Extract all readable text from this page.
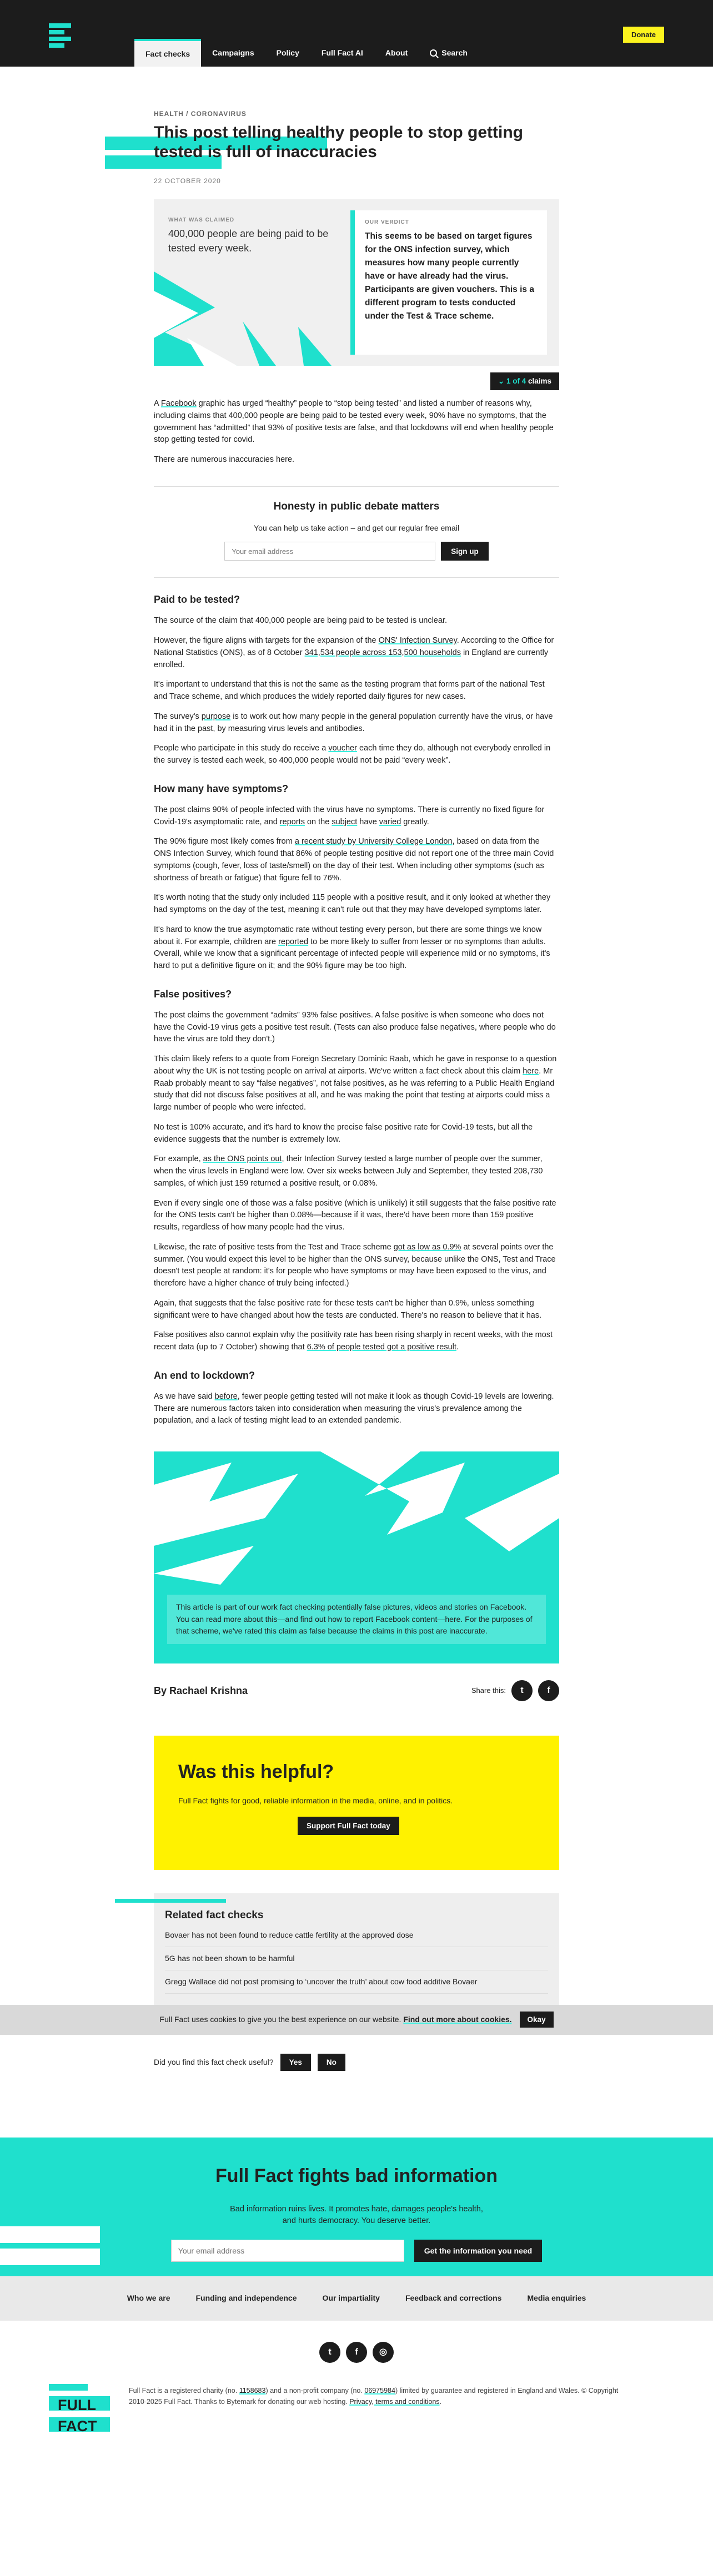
Fact checks	Campaigns	Policy	Full Fact AI	About	Search
Donate
HEALTH / CORONAVIRUS
This post telling healthy people to stop getting tested is full of inaccuracies
22 OCTOBER 2020
WHAT WAS CLAIMED
400,000 people are being paid to be tested every week.
OUR VERDICT
This seems to be based on target figures for the ONS infection survey, which measures how many people currently have or have already had the virus. Participants are given vouchers. This is a different program to tests conducted under the Test & Trace scheme.
⌄ 1 of 4 claims

A Facebook graphic has urged “healthy” people to “stop being tested” and listed a number of reasons why, including claims that 400,000 people are being paid to be tested every week, 90% have no symptoms, that the government has “admitted” that 93% of positive tests are false, and that lockdowns will end when healthy people stop getting tested for covid.

There are numerous inaccuracies here.

Honesty in public debate matters

You can help us take action – and get our regular free email

Your email address
Sign up
Paid to be tested?

The source of the claim that 400,000 people are being paid to be tested is unclear.

However, the figure aligns with targets for the expansion of the ONS' Infection Survey. According to the Office for National Statistics (ONS), as of 8 October 341,534 people across 153,500 households in England are currently enrolled.

It's important to understand that this is not the same as the testing program that forms part of the national Test and Trace scheme, and which produces the widely reported daily figures for new cases.

The survey's purpose is to work out how many people in the general population currently have the virus, or have had it in the past, by measuring virus levels and antibodies.

People who participate in this study do receive a voucher each time they do, although not everybody enrolled in the survey is tested each week, so 400,000 people would not be paid “every week”.

How many have symptoms?

The post claims 90% of people infected with the virus have no symptoms. There is currently no fixed figure for Covid-19's asymptomatic rate, and reports on the subject have varied greatly.

The 90% figure most likely comes from a recent study by University College London, based on data from the ONS Infection Survey, which found that 86% of people testing positive did not report one of the three main Covid symptoms (cough, fever, loss of taste/smell) on the day of their test. When including other symptoms (such as shortness of breath or fatigue) that figure fell to 76%.

It's worth noting that the study only included 115 people with a positive result, and it only looked at whether they had symptoms on the day of the test, meaning it can't rule out that they may have developed symptoms later.

It's hard to know the true asymptomatic rate without testing every person, but there are some things we know about it. For example, children are reported to be more likely to suffer from lesser or no symptoms than adults. Overall, while we know that a significant percentage of infected people will experience mild or no symptoms, it's hard to put a definitive figure on it; and the 90% figure may be too high.

False positives?

The post claims the government “admits” 93% false positives. A false positive is when someone who does not have the Covid-19 virus gets a positive test result. (Tests can also produce false negatives, where people who do have the virus are told they don't.)

This claim likely refers to a quote from Foreign Secretary Dominic Raab, which he gave in response to a question about why the UK is not testing people on arrival at airports. We've written a fact check about this claim here. Mr Raab probably meant to say “false negatives”, not false positives, as he was referring to a Public Health England study that did not discuss false positives at all, and he was making the point that testing at airports could miss a large number of people who were infected.

No test is 100% accurate, and it's hard to know the precise false positive rate for Covid-19 tests, but all the evidence suggests that the number is extremely low.

For example, as the ONS points out, their Infection Survey tested a large number of people over the summer, when the virus levels in England were low. Over six weeks between July and September, they tested 208,730 samples, of which just 159 returned a positive result, or 0.08%.

Even if every single one of those was a false positive (which is unlikely) it still suggests that the false positive rate for the ONS tests can't be higher than 0.08%—because if it was, there'd have been more than 159 positive results, regardless of how many people had the virus.

Likewise, the rate of positive tests from the Test and Trace scheme got as low as 0.9% at several points over the summer. (You would expect this level to be higher than the ONS survey, because unlike the ONS, Test and Trace doesn't test people at random: it's for people who have symptoms or may have been exposed to the virus, and therefore have a higher chance of truly being infected.)

Again, that suggests that the false positive rate for these tests can't be higher than 0.9%, unless something significant were to have changed about how the tests are conducted. There's no reason to believe that it has.

False positives also cannot explain why the positivity rate has been rising sharply in recent weeks, with the most recent data (up to 7 October) showing that 6.3% of people tested got a positive result.

An end to lockdown?

As we have said before, fewer people getting tested will not make it look as though Covid-19 levels are lowering. There are numerous factors taken into consideration when measuring the virus's prevalence among the population, and a lack of testing might lead to an extended pandemic.

This article is part of our work fact checking potentially false pictures, videos and stories on Facebook. You can read more about this—and find out how to report Facebook content—here. For the purposes of that scheme, we've rated this claim as false because the claims in this post are inaccurate.
By Rachael Krishna	Share this:	t	f
Was this helpful?

Full Fact fights for good, reliable information in the media, online, and in politics.

Support Full Fact today
Related fact checks
Bovaer has not been found to reduce cattle fertility at the approved dose
5G has not been shown to be harmful
Gregg Wallace did not post promising to ‘uncover the truth’ about cow food additive Bovaer
Full Fact uses cookies to give you the best experience on our website. Find out more about cookies.	Okay
Did you find this fact check useful?	Yes	No
Full Fact fights bad information

Bad information ruins lives. It promotes hate, damages people's health, and hurts democracy. You deserve better.

Your email address
Get the information you need
Who we are	Funding and independence	Our impartiality	Feedback and corrections	Media enquiries
t	f	◎
FULL
FACT
Full Fact is a registered charity (no. 1158683) and a non-profit company (no. 06975984) limited by guarantee and registered in England and Wales. © Copyright 2010-2025 Full Fact. Thanks to Bytemark for donating our web hosting. Privacy, terms and conditions.
